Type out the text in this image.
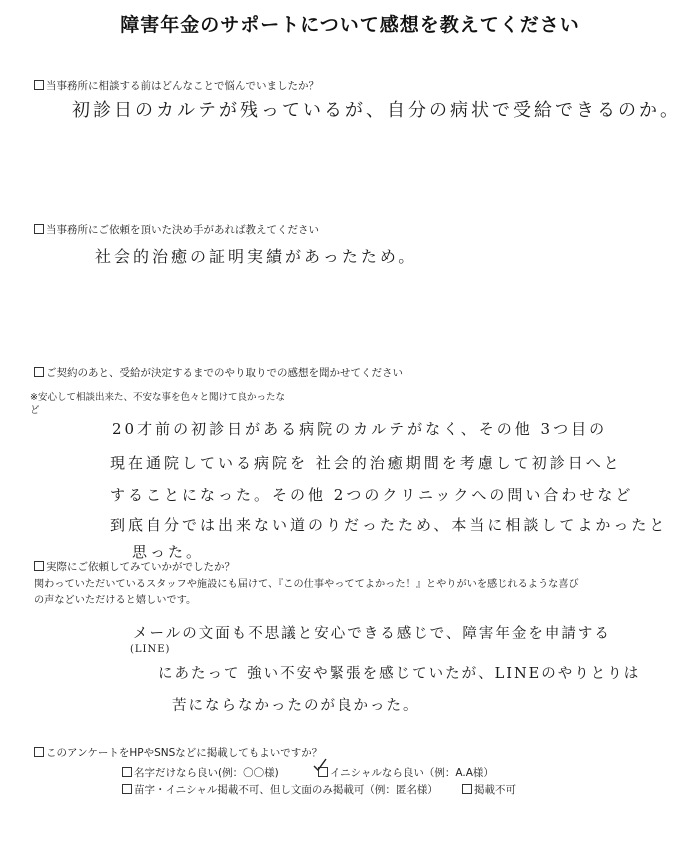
障害年金のサポートについて感想を教えてください
当事務所に相談する前はどんなことで悩んでいましたか？
初診日のカルテが残っているが、自分の病状で受給できるのか。
当事務所にご依頼を頂いた決め手があれば教えてください
社会的治癒の証明実績があったため。
ご契約のあと、受給が決定するまでのやり取りでの感想を聞かせてください
※安心して相談出来た、不安な事を色々と聞けて良かったな
ど
20才前の初診日がある病院のカルテがなく、その他 3つ目の
現在通院している病院を 社会的治癒期間を考慮して初診日へと
することになった。その他 2つのクリニックへの問い合わせなど
到底自分では出来ない道のりだったため、本当に相談してよかったと
思った。
実際にご依頼してみていかがでしたか？
関わっていただいているスタッフや施設にも届けて、『この仕事やっててよかった！』とやりがいを感じれるような喜び
の声などいただけると嬉しいです。
メールの文面も不思議と安心できる感じで、障害年金を申請する
(LINE)
にあたって 強い不安や緊張を感じていたが、LINEのやりとりは
苦にならなかったのが良かった。
このアンケートをHPやSNSなどに掲載してもよいですか？
名字だけなら良い(例：〇〇様)	イニシャルなら良い（例：A.A様）
苗字・イニシャル掲載不可、但し文面のみ掲載可（例：匿名様）	掲載不可
